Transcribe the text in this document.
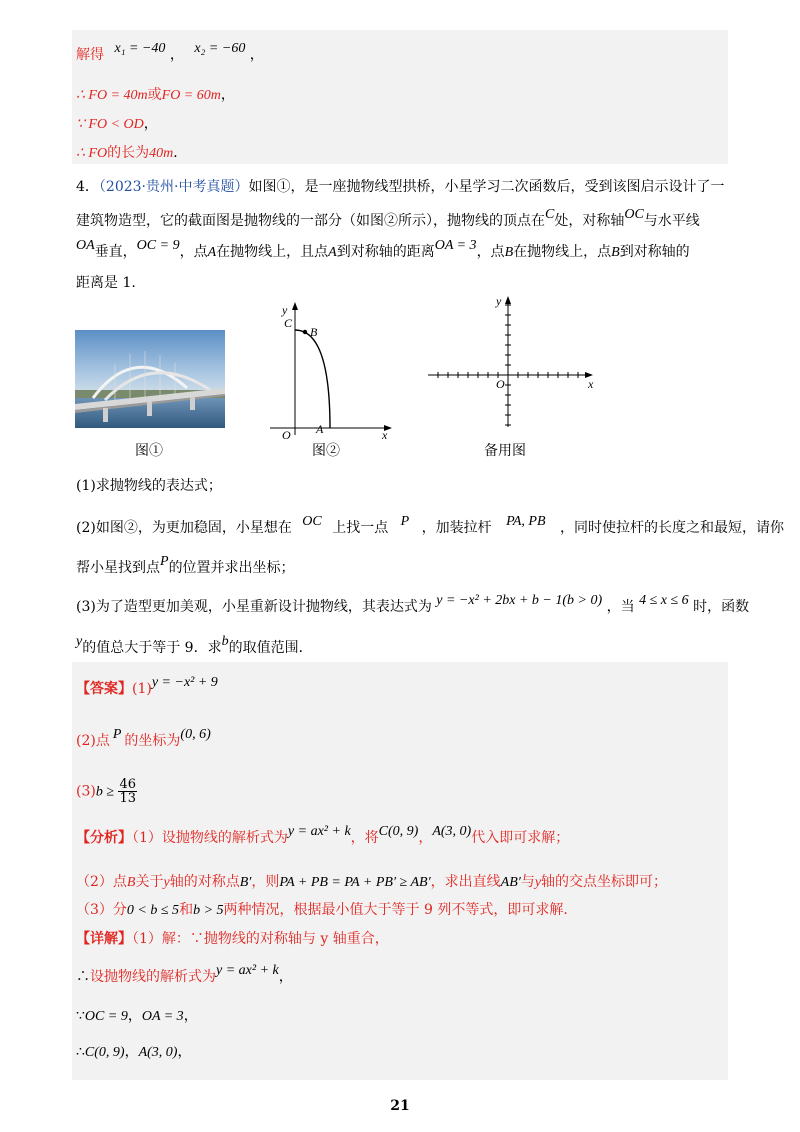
解得 x₁ = −40 ， x₂ = −60 ，
∴ FO = 40m或FO = 60m，
∵ FO < OD，
∴ FO的长为40m．
4．（2023·贵州·中考真题）如图①，是一座抛物线型拱桥，小星学习二次函数后，受到该图启示设计了一
建筑物造型，它的截面图是抛物线的一部分（如图②所示），抛物线的顶点在C处，对称轴OC与水平线
OA垂直，OC = 9，点A在抛物线上，且点A到对称轴的距离OA = 3，点B在抛物线上，点B到对称轴的
距离是 1.
图①
y
C
B
O A	x
图②
y
O	x
备用图
(1)求抛物线的表达式；
(2)如图②，为更加稳固，小星想在 OC 上找一点 P ，加装拉杆 PA, PB ，同时使拉杆的长度之和最短，请你
帮小星找到点P的位置并求出坐标；
(3)为了造型更加美观，小星重新设计抛物线，其表达式为 y = −x² + 2bx + b − 1(b > 0) ，当 4 ≤ x ≤ 6 时，函数
y的值总大于等于 9．求b的取值范围．
【答案】(1)y = −x² + 9
(2)点 P 的坐标为(0, 6)
$(3)b \ge \frac{46}{13}$
【分析】（1）设抛物线的解析式为y = ax² + k，将C(0, 9)，A(3, 0)代入即可求解；
（2）点B关于y轴的对称点B′，则PA + PB = PA + PB′ ≥ AB′，求出直线AB′与y轴的交点坐标即可；
（3）分0 < b ≤ 5和b > 5两种情况，根据最小值大于等于 9 列不等式，即可求解．
【详解】（1）解：∵抛物线的对称轴与 y 轴重合，
∴设抛物线的解析式为y = ax² + k，
∵OC = 9，OA = 3，
∴C(0, 9)，A(3, 0)，
21
